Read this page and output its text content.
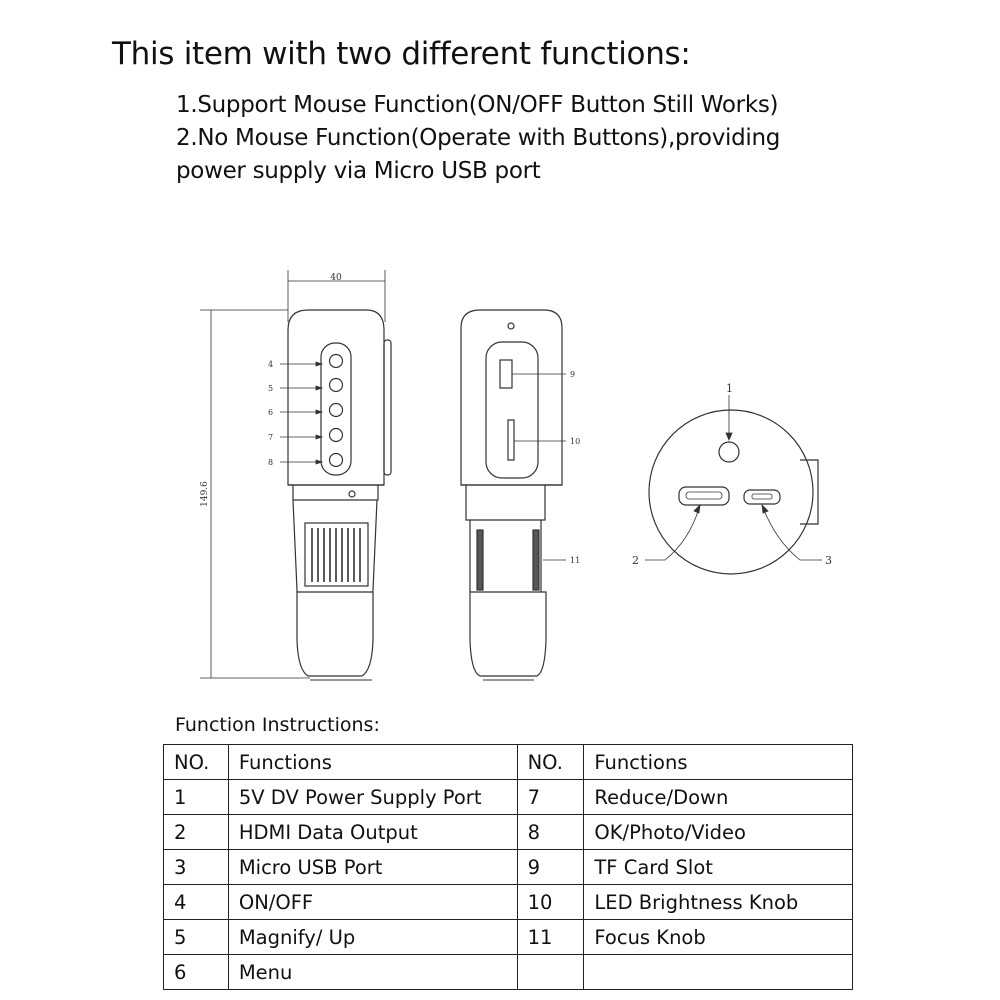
This item with two different functions:
1.Support Mouse Function(ON/OFF Button Still Works)
2.No Mouse Function(Operate with Buttons),providing
power supply via Micro USB port
40
149.6
4
5
6
7
8
9
10
11
1
2	3
Function Instructions:
NO.	Functions	NO.	Functions
1	5V DV Power Supply Port	7	Reduce/Down
2	HDMI Data Output	8	OK/Photo/Video
3	Micro USB Port	9	TF Card Slot
4	ON/OFF	10	LED Brightness Knob
5	Magnify/ Up	11	Focus Knob
6	Menu		
